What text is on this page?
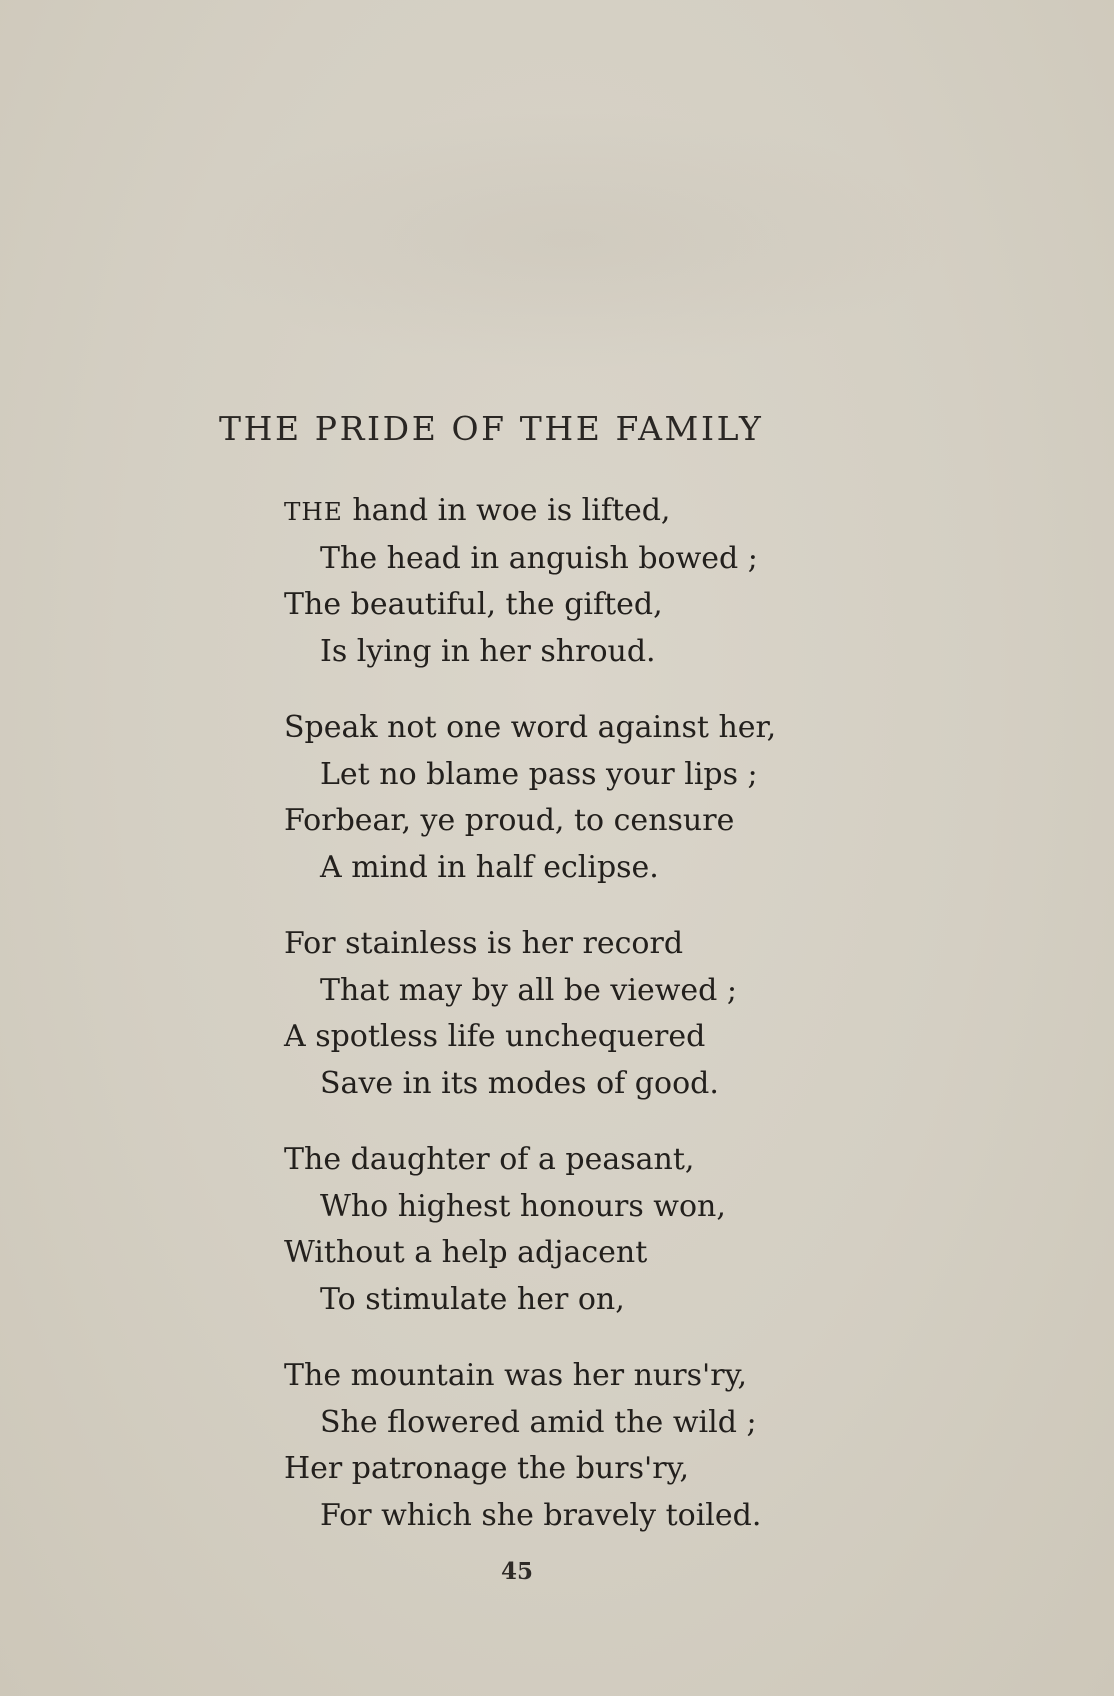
THE PRIDE OF THE FAMILY
THE hand in woe is lifted,
The head in anguish bowed ;
The beautiful, the gifted,
Is lying in her shroud.
Speak not one word against her,
Let no blame pass your lips ;
Forbear, ye proud, to censure
A mind in half eclipse.
For stainless is her record
That may by all be viewed ;
A spotless life unchequered
Save in its modes of good.
The daughter of a peasant,
Who highest honours won,
Without a help adjacent
To stimulate her on,
The mountain was her nurs'ry,
She flowered amid the wild ;
Her patronage the burs'ry,
For which she bravely toiled.
45
